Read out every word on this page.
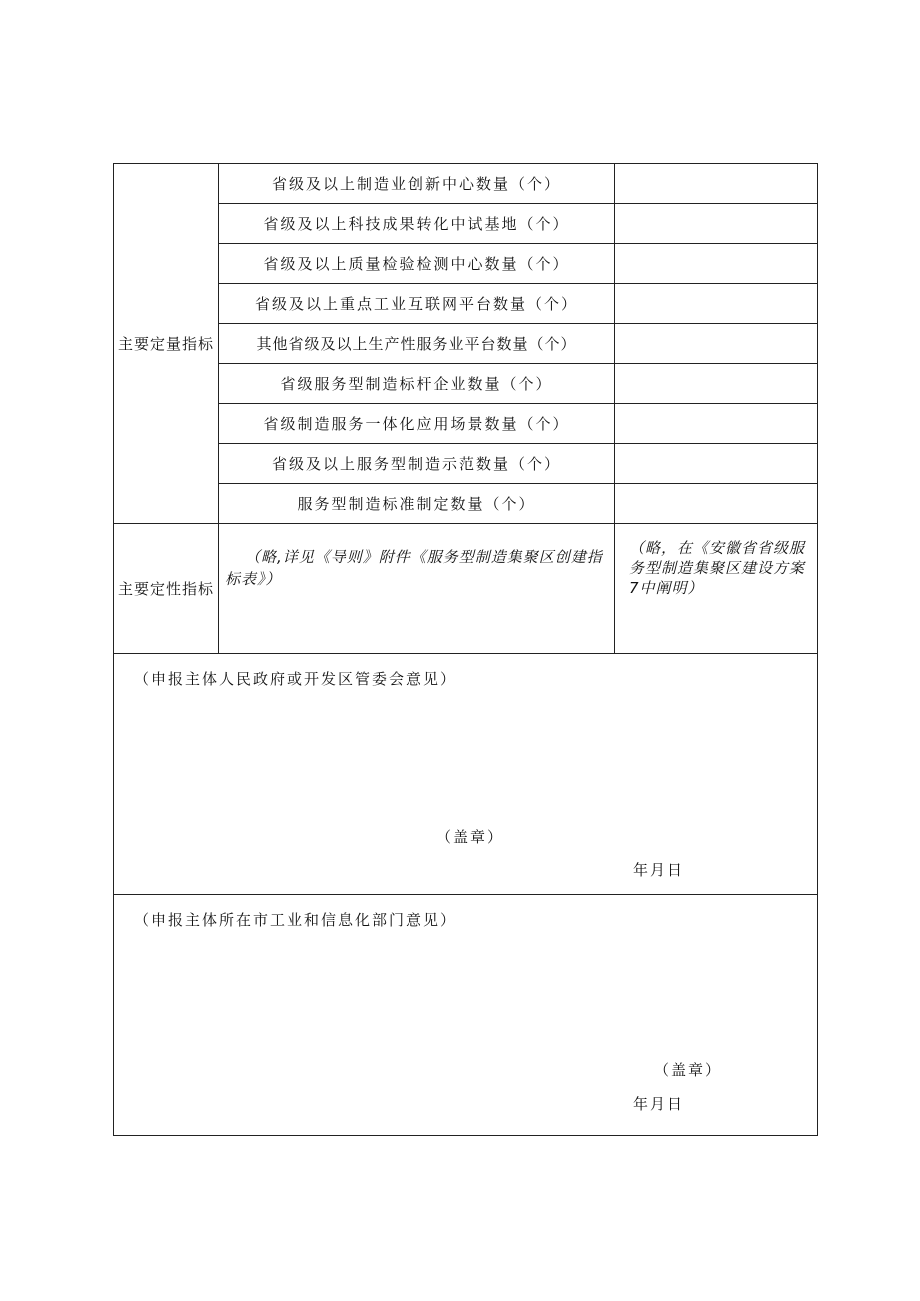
主要定量指标	省级及以上制造业创新中心数量（个）	
	省级及以上科技成果转化中试基地（个）	
	省级及以上质量检验检测中心数量（个）	
	省级及以上重点工业互联网平台数量（个）	
	其他省级及以上生产性服务业平台数量（个）	
	省级服务型制造标杆企业数量（个）	
	省级制造服务一体化应用场景数量（个）	
	省级及以上服务型制造示范数量（个）	
	服务型制造标准制定数量（个）	
主要定性指标	（略,详见《导则》附件《服务型制造集聚区创建指标表》）	（略，在《安徽省省级服务型制造集聚区建设方案7中阐明）

（申报主体人民政府或开发区管委会意见）
（盖章）
年月日		

（申报主体所在市工业和信息化部门意见）
（盖章）
年月日		
